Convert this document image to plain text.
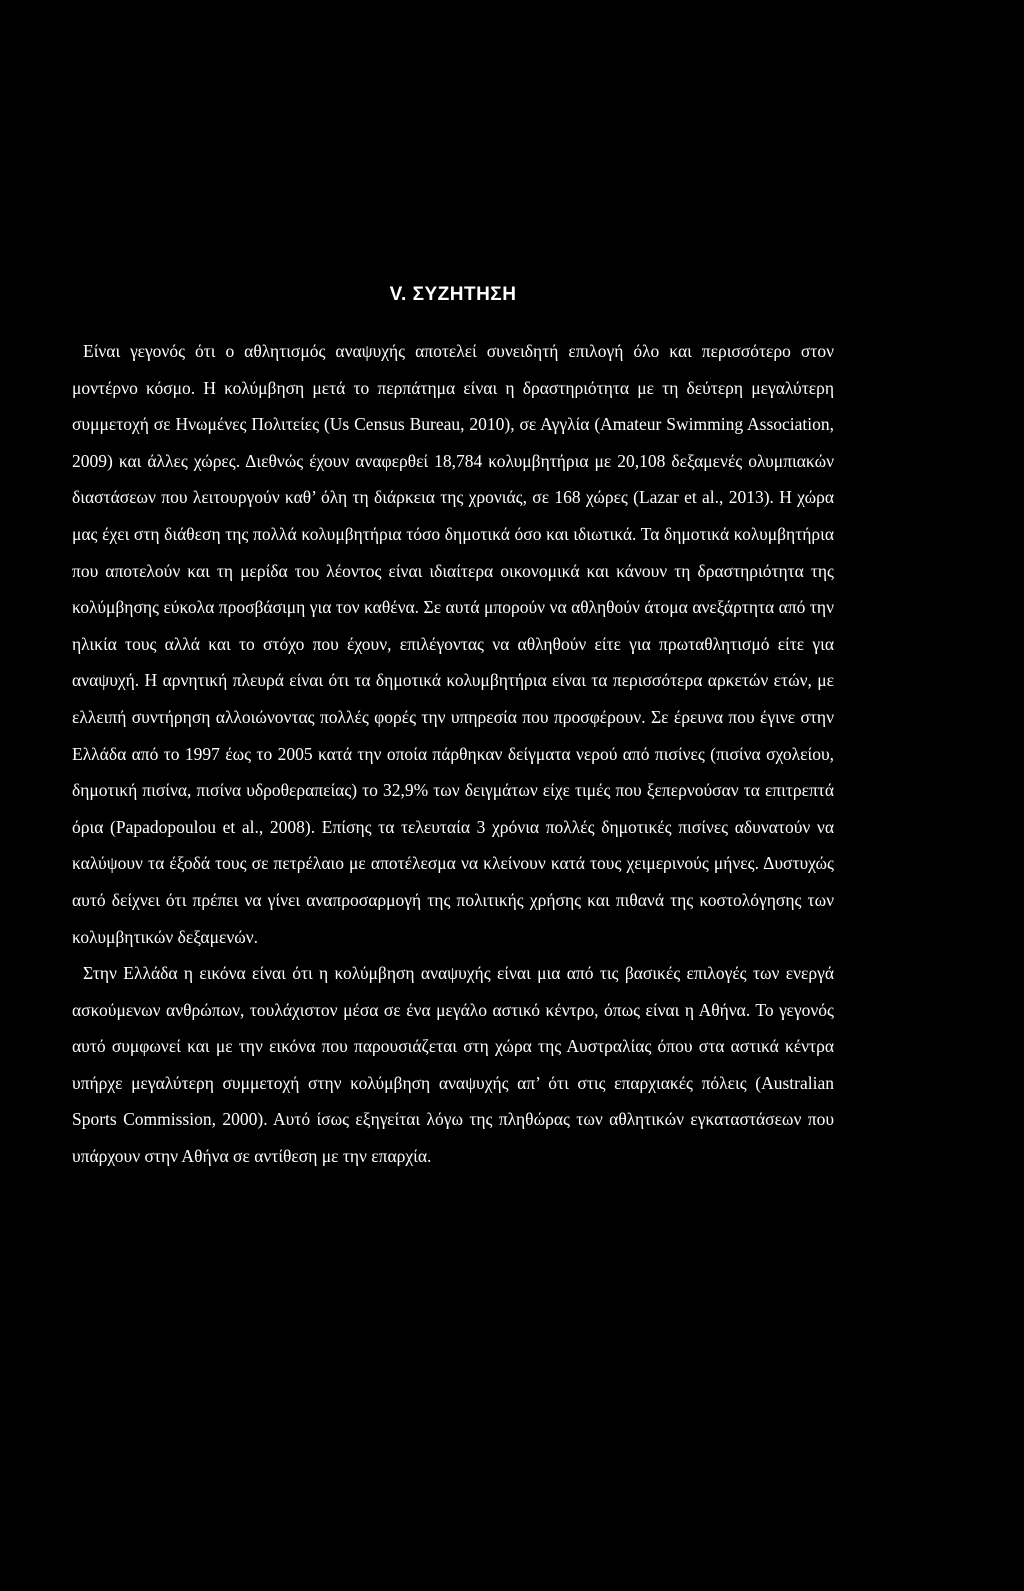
V. ΣΥΖΗΤΗΣΗ

Είναι γεγονός ότι ο αθλητισμός αναψυχής αποτελεί συνειδητή επιλογή όλο και περισσότερο στον μοντέρνο κόσμο. Η κολύμβηση μετά το περπάτημα είναι η δραστηριότητα με τη δεύτερη μεγαλύτερη συμμετοχή σε Ηνωμένες Πολιτείες (Us Census Bureau, 2010), σε Αγγλία (Amateur Swimming Association, 2009) και άλλες χώρες. Διεθνώς έχουν αναφερθεί 18,784 κολυμβητήρια με 20,108 δεξαμενές ολυμπιακών διαστάσεων που λειτουργούν καθ’ όλη τη διάρκεια της χρονιάς, σε 168 χώρες (Lazar et al., 2013). Η χώρα μας έχει στη διάθεση της πολλά κολυμβητήρια τόσο δημοτικά όσο και ιδιωτικά. Τα δημοτικά κολυμβητήρια που αποτελούν και τη μερίδα του λέοντος είναι ιδιαίτερα οικονομικά και κάνουν τη δραστηριότητα της κολύμβησης εύκολα προσβάσιμη για τον καθένα. Σε αυτά μπορούν να αθληθούν άτομα ανεξάρτητα από την ηλικία τους αλλά και το στόχο που έχουν, επιλέγοντας να αθληθούν είτε για πρωταθλητισμό είτε για αναψυχή. Η αρνητική πλευρά είναι ότι τα δημοτικά κολυμβητήρια είναι τα περισσότερα αρκετών ετών, με ελλειπή συντήρηση αλλοιώνοντας πολλές φορές την υπηρεσία που προσφέρουν. Σε έρευνα που έγινε στην Ελλάδα από το 1997 έως το 2005 κατά την οποία πάρθηκαν δείγματα νερού από πισίνες (πισίνα σχολείου, δημοτική πισίνα, πισίνα υδροθεραπείας) το 32,9% των δειγμάτων είχε τιμές που ξεπερνούσαν τα επιτρεπτά όρια (Papadopoulou et al., 2008). Επίσης τα τελευταία 3 χρόνια πολλές δημοτικές πισίνες αδυνατούν να καλύψουν τα έξοδά τους σε πετρέλαιο με αποτέλεσμα να κλείνουν κατά τους χειμερινούς μήνες. Δυστυχώς αυτό δείχνει ότι πρέπει να γίνει αναπροσαρμογή της πολιτικής χρήσης και πιθανά της κοστολόγησης των κολυμβητικών δεξαμενών.

Στην Ελλάδα η εικόνα είναι ότι η κολύμβηση αναψυχής είναι μια από τις βασικές επιλογές των ενεργά ασκούμενων ανθρώπων, τουλάχιστον μέσα σε ένα μεγάλο αστικό κέντρο, όπως είναι η Αθήνα. Το γεγονός αυτό συμφωνεί και με την εικόνα που παρουσιάζεται στη χώρα της Αυστραλίας όπου στα αστικά κέντρα υπήρχε μεγαλύτερη συμμετοχή στην κολύμβηση αναψυχής απ’ ότι στις επαρχιακές πόλεις (Australian Sports Commission, 2000). Αυτό ίσως εξηγείται λόγω της πληθώρας των αθλητικών εγκαταστάσεων που υπάρχουν στην Αθήνα σε αντίθεση με την επαρχία.
